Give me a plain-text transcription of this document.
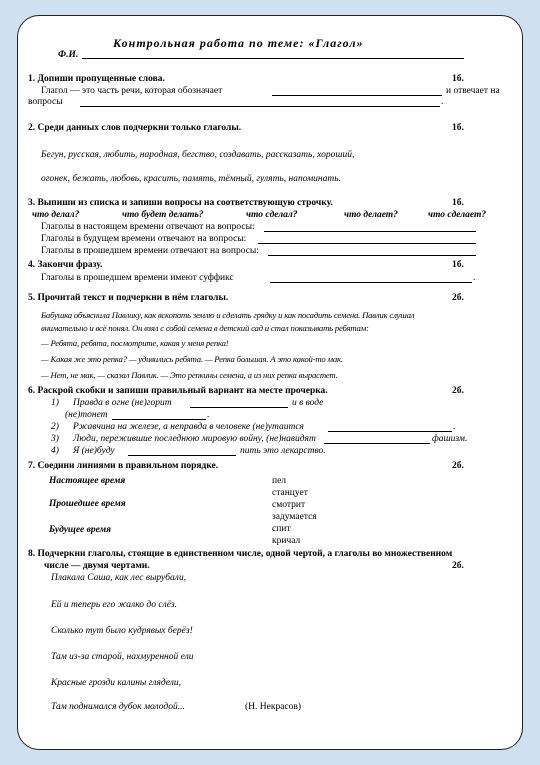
Контрольная работа по теме: «Глагол»
Ф.И.
1. Допиши пропущенные слова.	1б.
Глагол — это часть речи, которая обозначает	и отвечает на
вопросы	.
2. Среди данных слов подчеркни только глаголы.	1б.
Бегун, русская, любить, народная, бегство, создавать, рассказать, хороший,
огонек, бежать, любовь, красить, память, тёмный, гулять, напоминать.
3. Выпиши из списка и запиши вопросы на соответствующую строчку.	1б.
что делал?	что будет делать?	что сделал?	что делает?	что сделает?
Глаголы в настоящем времени отвечают на вопросы:
Глаголы в будущем времени отвечают на вопросы:
Глаголы в прошедшем времени отвечают на вопросы:
4. Закончи фразу.	1б.
Глаголы в прошедшем времени имеют суффикс	.
5. Прочитай текст и подчеркни в нём глаголы.	2б.
Бабушка объяснила Павлику, как вскопать землю и сделать грядку и как посадить семена. Павлик слушал
внимательно и всё понял. Он взял с собой семена в детский сад и стал показывать ребятам:
— Ребята, ребята, посмотрите, какая у меня репка!
— Какая же это репка? — удивились ребята. — Репка большая. А это какой-то мак.
— Нет, не мак, — сказал Павлик. — Это репкины семена, а из них репка вырастет.
6. Раскрой скобки и запиши правильный вариант на месте прочерка.	2б.
1) Правда в огне (не)горит	и в воде
(не)тонет	.
2) Ржавчина на железе, а неправда в человеке (не)утаится	.
3) Люди, пережившие последнюю мировую войну, (не)навидят	фашизм.
4) Я (не)буду	пить это лекарство.
7. Соедини линиями в правильном порядке.	2б.
Настоящее время
Прошедшее время
Будущее время
пел
станцует
смотрит
задумается
спит
кричал
8. Подчеркни глаголы, стоящие в единственном числе, одной чертой, а глаголы во множественном
числе — двумя чертами.	2б.
Плакала Саша, как лес вырубали,
Ей и теперь его жалко до слёз.
Сколько тут было кудрявых берёз!
Там из-за старой, нахмуренной ели
Красные грозди калины глядели,
Там поднимался дубок молодой...	(Н. Некрасов)
